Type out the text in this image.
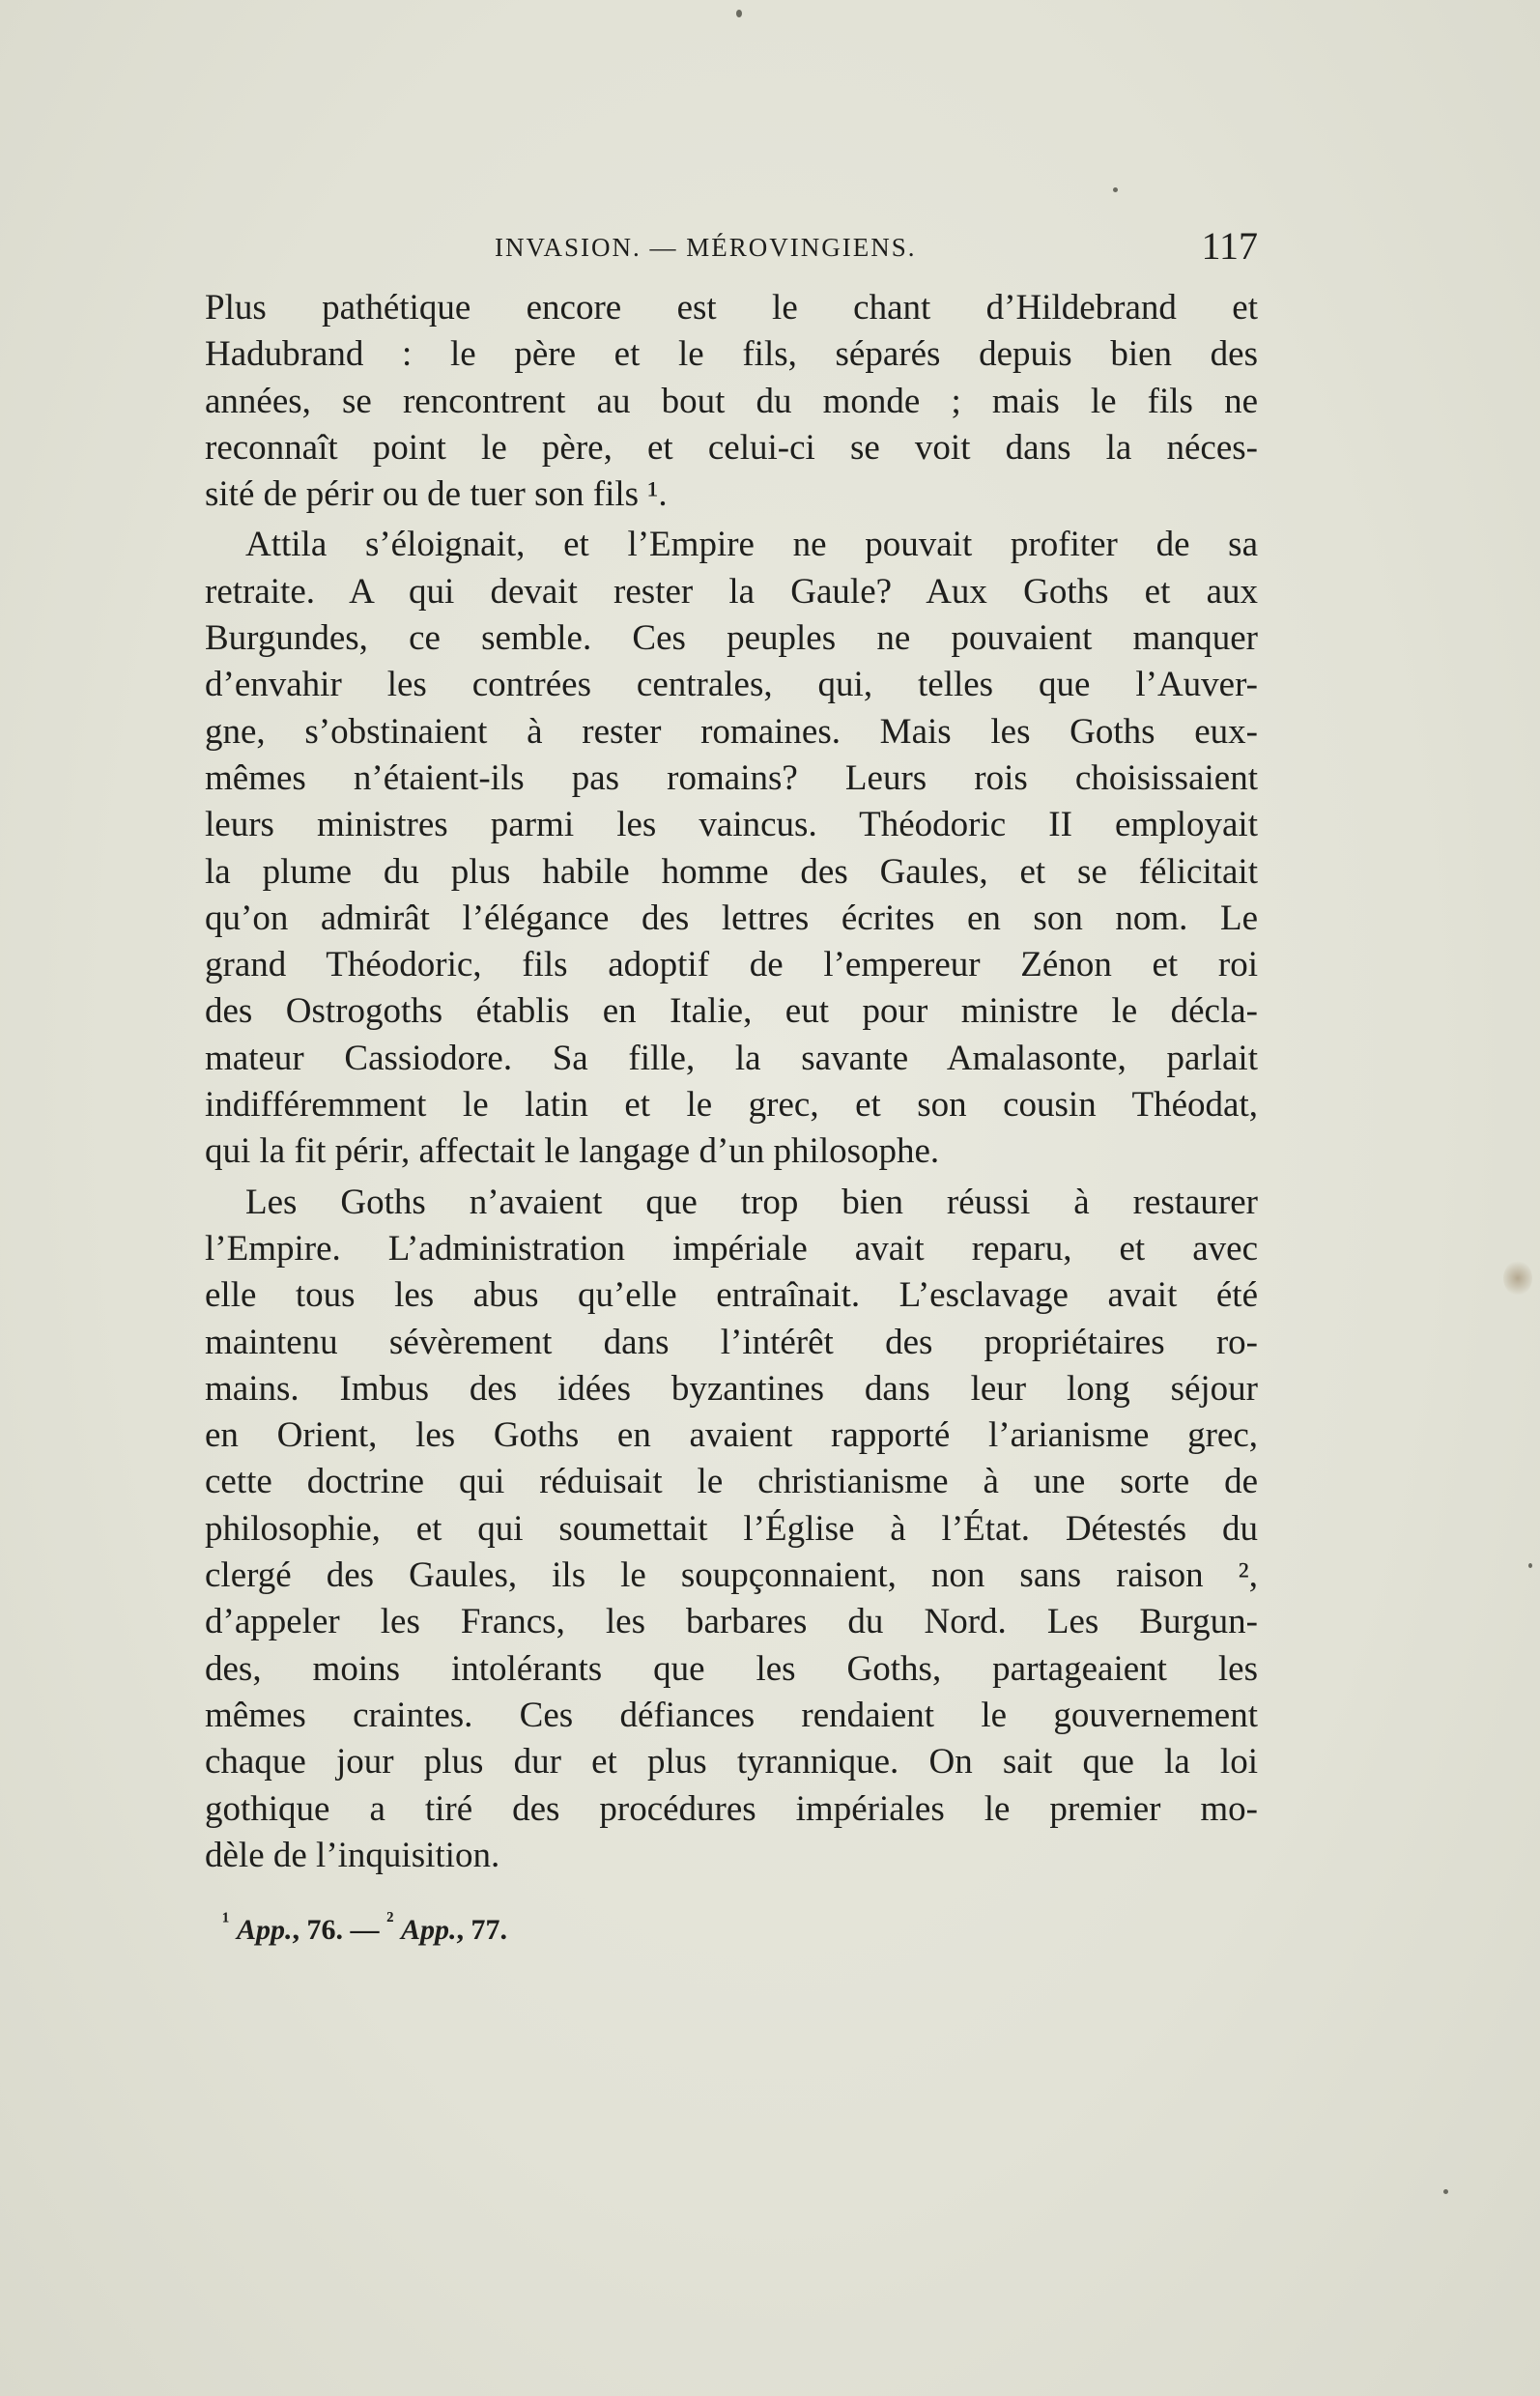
INVASION. — MÉROVINGIENS.	117
Plus pathétique encore est le chant d’Hildebrand et
Hadubrand : le père et le fils, séparés depuis bien des
années, se rencontrent au bout du monde ; mais le fils ne
reconnaît point le père, et celui-ci se voit dans la néces-
sité de périr ou de tuer son fils ¹.
Attila s’éloignait, et l’Empire ne pouvait profiter de sa
retraite. A qui devait rester la Gaule? Aux Goths et aux
Burgundes, ce semble. Ces peuples ne pouvaient manquer
d’envahir les contrées centrales, qui, telles que l’Auver-
gne, s’obstinaient à rester romaines. Mais les Goths eux-
mêmes n’étaient-ils pas romains? Leurs rois choisissaient
leurs ministres parmi les vaincus. Théodoric II employait
la plume du plus habile homme des Gaules, et se félicitait
qu’on admirât l’élégance des lettres écrites en son nom. Le
grand Théodoric, fils adoptif de l’empereur Zénon et roi
des Ostrogoths établis en Italie, eut pour ministre le décla-
mateur Cassiodore. Sa fille, la savante Amalasonte, parlait
indifféremment le latin et le grec, et son cousin Théodat,
qui la fit périr, affectait le langage d’un philosophe.
Les Goths n’avaient que trop bien réussi à restaurer
l’Empire. L’administration impériale avait reparu, et avec
elle tous les abus qu’elle entraînait. L’esclavage avait été
maintenu sévèrement dans l’intérêt des propriétaires ro-
mains. Imbus des idées byzantines dans leur long séjour
en Orient, les Goths en avaient rapporté l’arianisme grec,
cette doctrine qui réduisait le christianisme à une sorte de
philosophie, et qui soumettait l’Église à l’État. Détestés du
clergé des Gaules, ils le soupçonnaient, non sans raison ²,
d’appeler les Francs, les barbares du Nord. Les Burgun-
des, moins intolérants que les Goths, partageaient les
mêmes craintes. Ces défiances rendaient le gouvernement
chaque jour plus dur et plus tyrannique. On sait que la loi
gothique a tiré des procédures impériales le premier mo-
dèle de l’inquisition.
$^{^1}$ App., 76. — $^{^2}$ App., 77.
